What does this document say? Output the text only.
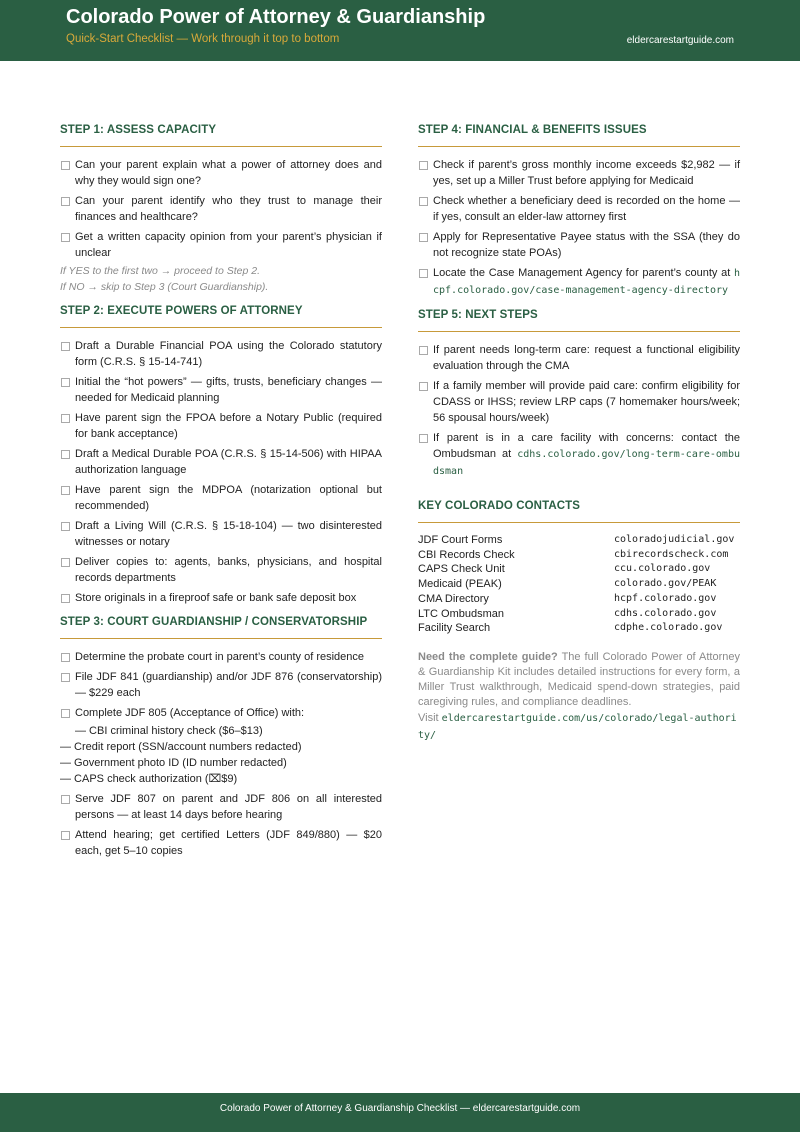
Colorado Power of Attorney & Guardianship
Quick-Start Checklist — Work through it top to bottom	eldercarestartguide.com
STEP 1: ASSESS CAPACITY
Can your parent explain what a power of attorney does and why they would sign one?
Can your parent identify who they trust to manage their finances and healthcare?
Get a written capacity opinion from your parent’s physician if unclear
If YES to the first two → proceed to Step 2.
If NO → skip to Step 3 (Court Guardianship).
STEP 2: EXECUTE POWERS OF ATTORNEY
Draft a Durable Financial POA using the Colorado statutory form (C.R.S. § 15-14-741)
Initial the “hot powers” — gifts, trusts, beneficiary changes — needed for Medicaid planning
Have parent sign the FPOA before a Notary Public (required for bank acceptance)
Draft a Medical Durable POA (C.R.S. § 15-14-506) with HIPAA authorization language
Have parent sign the MDPOA (notarization optional but recommended)
Draft a Living Will (C.R.S. § 15-18-104) — two disinterested witnesses or notary
Deliver copies to: agents, banks, physicians, and hospital records departments
Store originals in a fireproof safe or bank safe deposit box
STEP 3: COURT GUARDIANSHIP / CONSERVATORSHIP
Determine the probate court in parent’s county of residence
File JDF 841 (guardianship) and/or JDF 876 (conservatorship) — $229 each
Complete JDF 805 (Acceptance of Office) with:
— CBI criminal history check ($6–$13)
— Credit report (SSN/account numbers redacted)
— Government photo ID (ID number redacted)
— CAPS check authorization (⌧$9)
Serve JDF 807 on parent and JDF 806 on all interested persons — at least 14 days before hearing
Attend hearing; get certified Letters (JDF 849/880) — $20 each, get 5–10 copies
STEP 4: FINANCIAL & BENEFITS ISSUES
Check if parent’s gross monthly income exceeds $2,982 — if yes, set up a Miller Trust before applying for Medicaid
Check whether a beneficiary deed is recorded on the home — if yes, consult an elder-law attorney first
Apply for Representative Payee status with the SSA (they do not recognize state POAs)
Locate the Case Management Agency for parent’s county at hcpf.colorado.gov/case-management-agency-directory
STEP 5: NEXT STEPS
If parent needs long-term care: request a functional eligibility evaluation through the CMA
If a family member will provide paid care: confirm eligibility for CDASS or IHSS; review LRP caps (7 homemaker hours/week; 56 spousal hours/week)
If parent is in a care facility with concerns: contact the Ombudsman at cdhs.colorado.gov/long-term-care-ombudsman
KEY COLORADO CONTACTS
JDF Court Forms	coloradojudicial.gov
CBI Records Check	cbirecordscheck.com
CAPS Check Unit	ccu.colorado.gov
Medicaid (PEAK)	colorado.gov/PEAK
CMA Directory	hcpf.colorado.gov
LTC Ombudsman	cdhs.colorado.gov
Facility Search	cdphe.colorado.gov
Need the complete guide? The full Colorado Power of Attorney & Guardianship Kit includes detailed instructions for every form, a Miller Trust walkthrough, Medicaid spend-down strategies, paid caregiving rules, and compliance deadlines.
Visit eldercarestartguide.com/us/colorado/legal-authority/
Colorado Power of Attorney & Guardianship Checklist — eldercarestartguide.com
